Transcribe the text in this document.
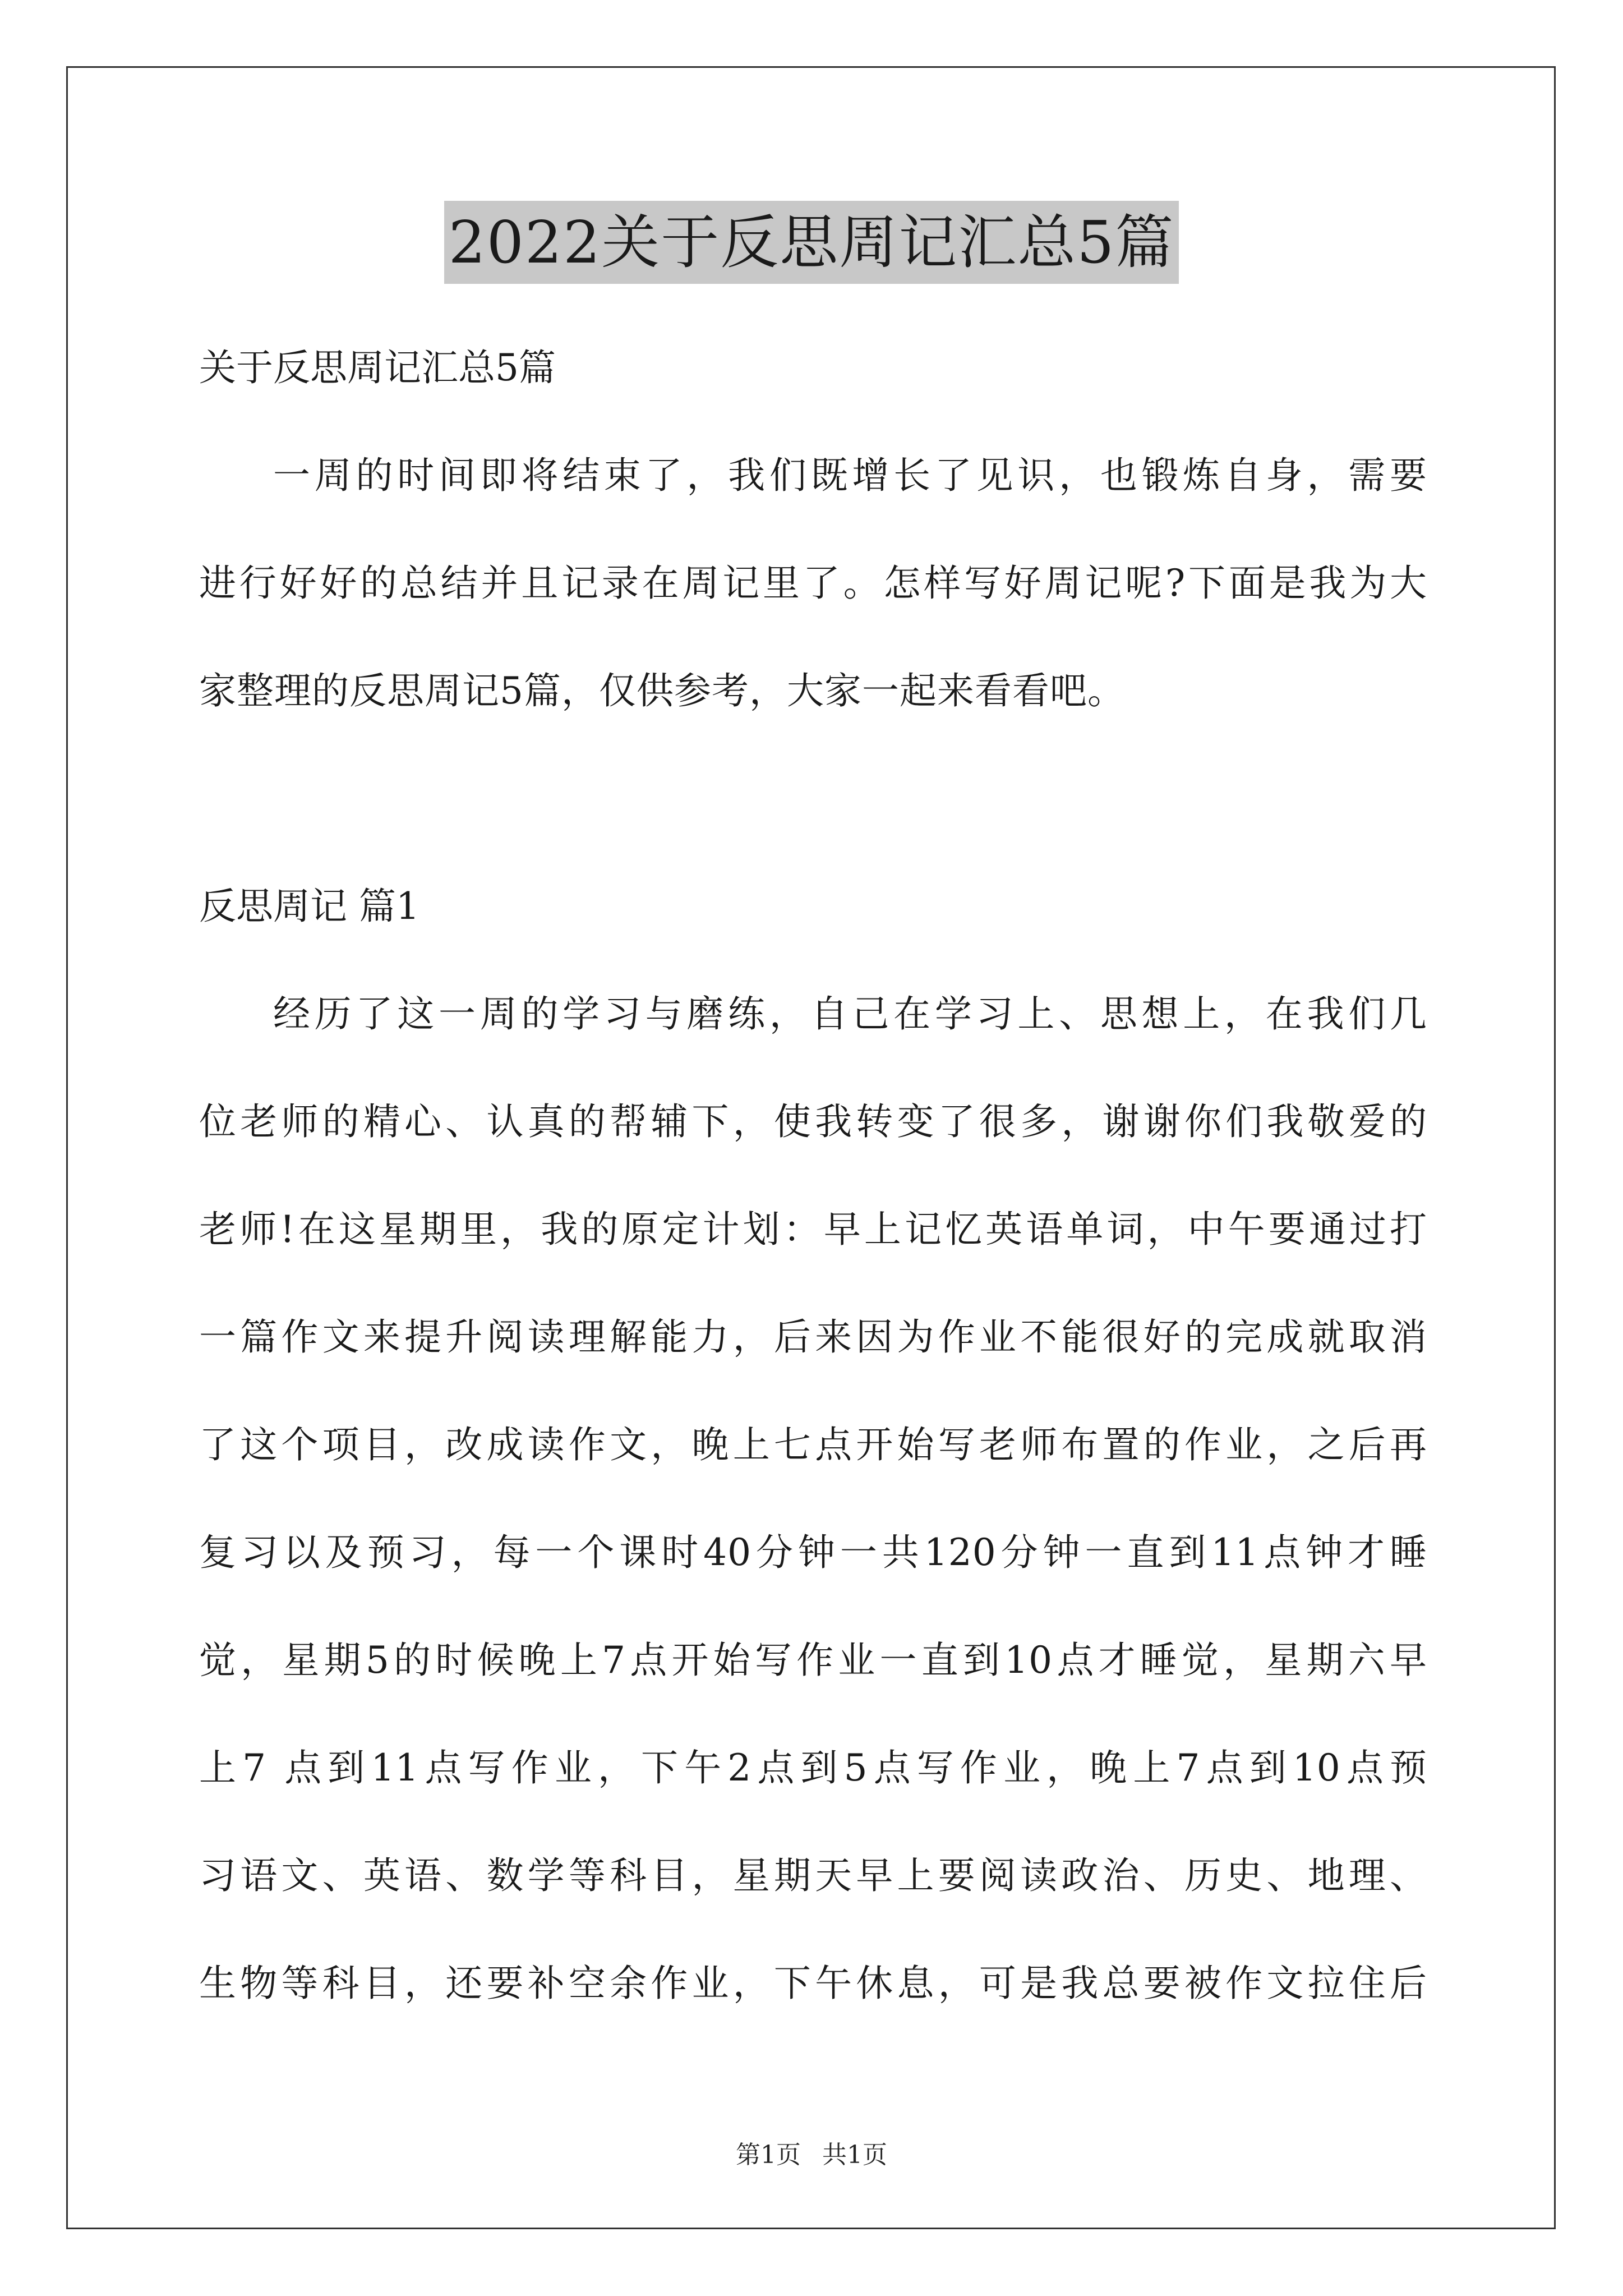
2022关于反思周记汇总5篇
关于反思周记汇总5篇
一周的时间即将结束了，我们既增长了见识，也锻炼自身，需要
进行好好的总结并且记录在周记里了。怎样写好周记呢?下面是我为大
家整理的反思周记5篇，仅供参考，大家一起来看看吧。
反思周记 篇1
经历了这一周的学习与磨练，自己在学习上、思想上，在我们几
位老师的精心、认真的帮辅下，使我转变了很多，谢谢你们我敬爱的
老师!在这星期里，我的原定计划：早上记忆英语单词，中午要通过打
一篇作文来提升阅读理解能力，后来因为作业不能很好的完成就取消
了这个项目，改成读作文，晚上七点开始写老师布置的作业，之后再
复习以及预习，每一个课时40分钟一共120分钟一直到11点钟才睡
觉，星期5的时候晚上7点开始写作业一直到10点才睡觉，星期六早
上7 点到11点写作业，下午2点到5点写作业，晚上7点到10点预
习语文、英语、数学等科目，星期天早上要阅读政治、历史、地理、
生物等科目，还要补空余作业，下午休息，可是我总要被作文拉住后
第1页 共1页
